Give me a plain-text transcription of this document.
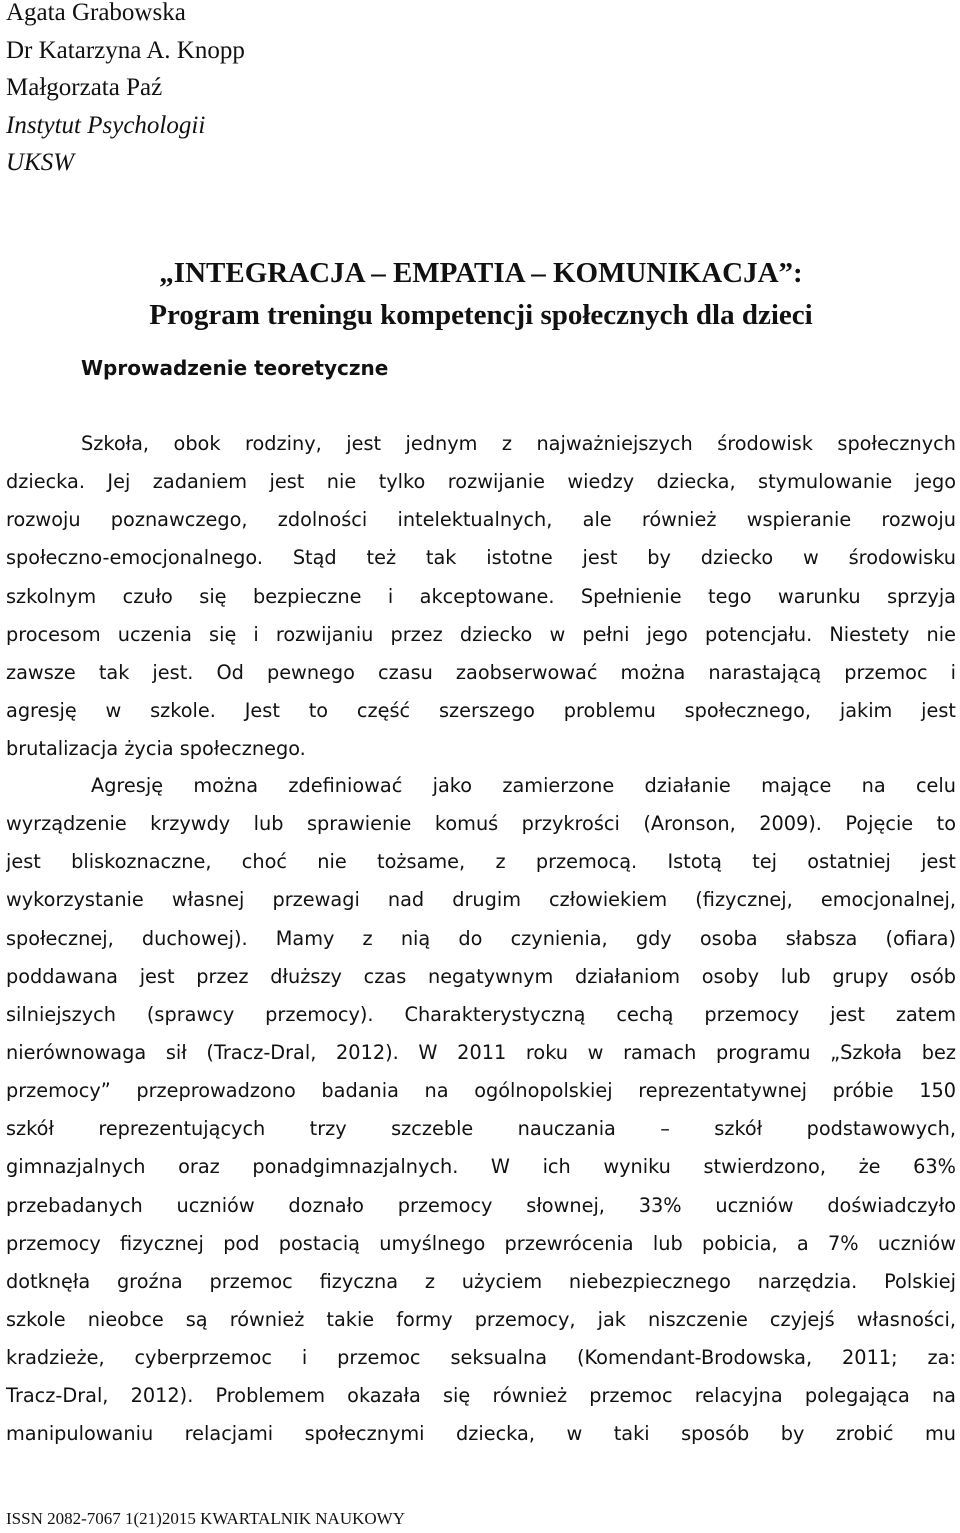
Agata Grabowska
Dr Katarzyna A. Knopp
Małgorzata Paź
Instytut Psychologii
UKSW
„INTEGRACJA – EMPATIA – KOMUNIKACJA”:
Program treningu kompetencji społecznych dla dzieci
Wprowadzenie teoretyczne
Szkoła, obok rodziny, jest jednym z najważniejszych środowisk społecznych
dziecka. Jej zadaniem jest nie tylko rozwijanie wiedzy dziecka, stymulowanie jego
rozwoju poznawczego, zdolności intelektualnych, ale również wspieranie rozwoju
społeczno-emocjonalnego. Stąd też tak istotne jest by dziecko w środowisku
szkolnym czuło się bezpieczne i akceptowane. Spełnienie tego warunku sprzyja
procesom uczenia się i rozwijaniu przez dziecko w pełni jego potencjału. Niestety nie
zawsze tak jest. Od pewnego czasu zaobserwować można narastającą przemoc i
agresję w szkole. Jest to część szerszego problemu społecznego, jakim jest
brutalizacja życia społecznego.
Agresję można zdefiniować jako zamierzone działanie mające na celu
wyrządzenie krzywdy lub sprawienie komuś przykrości (Aronson, 2009). Pojęcie to
jest bliskoznaczne, choć nie tożsame, z przemocą. Istotą tej ostatniej jest
wykorzystanie własnej przewagi nad drugim człowiekiem (fizycznej, emocjonalnej,
społecznej, duchowej). Mamy z nią do czynienia, gdy osoba słabsza (ofiara)
poddawana jest przez dłuższy czas negatywnym działaniom osoby lub grupy osób
silniejszych (sprawcy przemocy). Charakterystyczną cechą przemocy jest zatem
nierównowaga sił (Tracz-Dral, 2012). W 2011 roku w ramach programu „Szkoła bez
przemocy” przeprowadzono badania na ogólnopolskiej reprezentatywnej próbie 150
szkół reprezentujących trzy szczeble nauczania – szkół podstawowych,
gimnazjalnych oraz ponadgimnazjalnych. W ich wyniku stwierdzono, że 63%
przebadanych uczniów doznało przemocy słownej, 33% uczniów doświadczyło
przemocy fizycznej pod postacią umyślnego przewrócenia lub pobicia, a 7% uczniów
dotknęła groźna przemoc fizyczna z użyciem niebezpiecznego narzędzia. Polskiej
szkole nieobce są również takie formy przemocy, jak niszczenie czyjejś własności,
kradzieże, cyberprzemoc i przemoc seksualna (Komendant-Brodowska, 2011; za:
Tracz-Dral, 2012). Problemem okazała się również przemoc relacyjna polegająca na
manipulowaniu relacjami społecznymi dziecka, w taki sposób by zrobić mu
ISSN 2082-7067 1(21)2015 KWARTALNIK NAUKOWY
